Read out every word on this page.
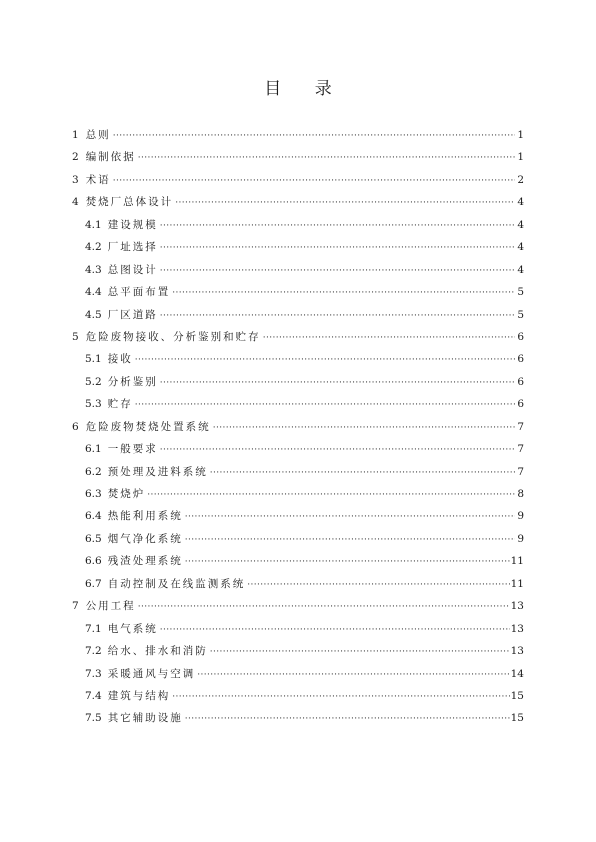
目 录
1 总则 ·····	1
2 编制依据 ·····	1
3 术语 ·····	2
4 焚烧厂总体设计 ·····	4
4.1 建设规模 ·····	4
4.2 厂址选择 ·····	4
4.3 总图设计 ·····	4
4.4 总平面布置 ·····	5
4.5 厂区道路 ·····	5
5 危险废物接收、分析鉴别和贮存 ·····	6
5.1 接收 ·····	6
5.2 分析鉴别 ·····	6
5.3 贮存 ·····	6
6 危险废物焚烧处置系统 ·····	7
6.1 一般要求 ·····	7
6.2 预处理及进料系统 ·····	7
6.3 焚烧炉 ·····	8
6.4 热能利用系统 ·····	9
6.5 烟气净化系统 ·····	9
6.6 残渣处理系统 ·····	11
6.7 自动控制及在线监测系统 ·····	11
7 公用工程 ·····	13
7.1 电气系统 ·····	13
7.2 给水、排水和消防 ·····	13
7.3 采暖通风与空调 ·····	14
7.4 建筑与结构 ·····	15
7.5 其它辅助设施 ·····	15
